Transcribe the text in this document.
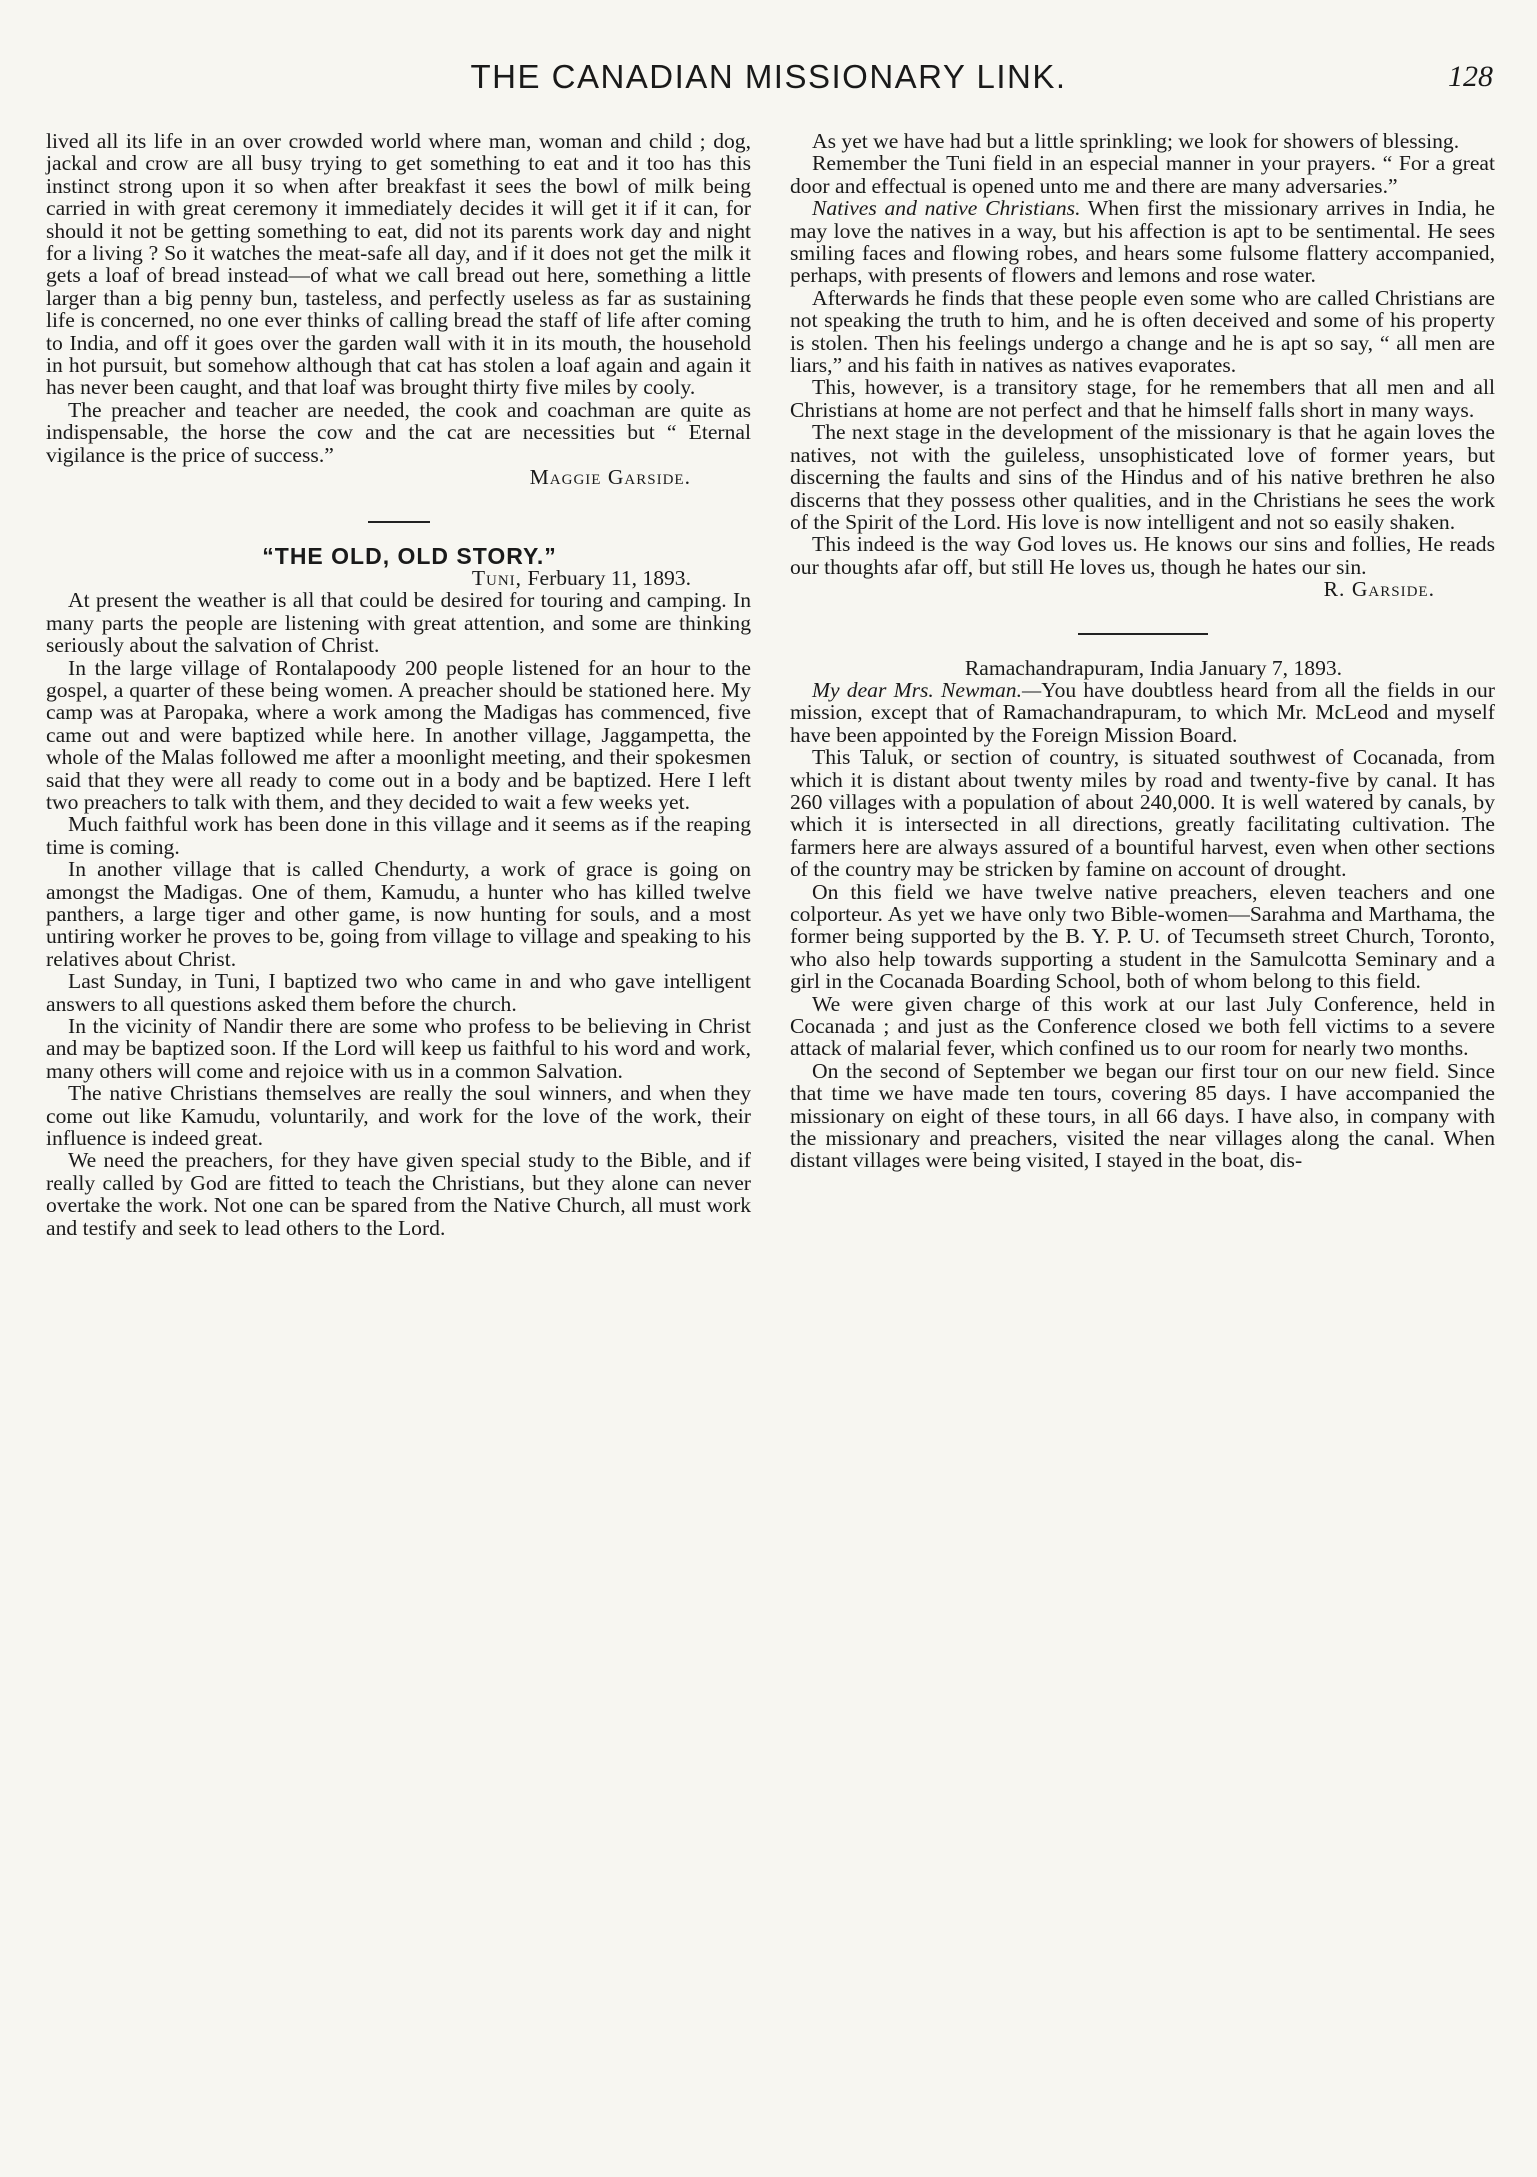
THE CANADIAN MISSIONARY LINK.	128

lived all its life in an over crowded world where man, woman and child ; dog, jackal and crow are all busy trying to get something to eat and it too has this instinct strong upon it so when after breakfast it sees the bowl of milk being carried in with great ceremony it immediately decides it will get it if it can, for should it not be getting something to eat, did not its parents work day and night for a living ? So it watches the meat-safe all day, and if it does not get the milk it gets a loaf of bread instead—of what we call bread out here, something a little larger than a big penny bun, tasteless, and perfectly useless as far as sustaining life is concerned, no one ever thinks of calling bread the staff of life after coming to India, and off it goes over the garden wall with it in its mouth, the household in hot pursuit, but somehow although that cat has stolen a loaf again and again it has never been caught, and that loaf was brought thirty five miles by cooly.

The preacher and teacher are needed, the cook and coachman are quite as indispensable, the horse the cow and the cat are necessities but “ Eternal vigilance is the price of success.”

Maggie Garside.

“THE OLD, OLD STORY.”

Tuni, Ferbuary 11, 1893.

At present the weather is all that could be desired for touring and camping. In many parts the people are listening with great attention, and some are thinking seriously about the salvation of Christ.

In the large village of Rontalapoody 200 people listened for an hour to the gospel, a quarter of these being women. A preacher should be stationed here. My camp was at Paropaka, where a work among the Madigas has commenced, five came out and were baptized while here. In another village, Jaggampetta, the whole of the Malas followed me after a moonlight meeting, and their spokesmen said that they were all ready to come out in a body and be baptized. Here I left two preachers to talk with them, and they decided to wait a few weeks yet.

Much faithful work has been done in this village and it seems as if the reaping time is coming.

In another village that is called Chendurty, a work of grace is going on amongst the Madigas. One of them, Kamudu, a hunter who has killed twelve panthers, a large tiger and other game, is now hunting for souls, and a most untiring worker he proves to be, going from village to village and speaking to his relatives about Christ.

Last Sunday, in Tuni, I baptized two who came in and who gave intelligent answers to all questions asked them before the church.

In the vicinity of Nandir there are some who profess to be believing in Christ and may be baptized soon. If the Lord will keep us faithful to his word and work, many others will come and rejoice with us in a common Salvation.

The native Christians themselves are really the soul winners, and when they come out like Kamudu, voluntarily, and work for the love of the work, their influence is indeed great.

We need the preachers, for they have given special study to the Bible, and if really called by God are fitted to teach the Christians, but they alone can never overtake the work. Not one can be spared from the Native Church, all must work and testify and seek to lead others to the Lord.

As yet we have had but a little sprinkling; we look for showers of blessing.

Remember the Tuni field in an especial manner in your prayers. “ For a great door and effectual is opened unto me and there are many adversaries.”

Natives and native Christians. When first the missionary arrives in India, he may love the natives in a way, but his affection is apt to be sentimental. He sees smiling faces and flowing robes, and hears some fulsome flattery accompanied, perhaps, with presents of flowers and lemons and rose water.

Afterwards he finds that these people even some who are called Christians are not speaking the truth to him, and he is often deceived and some of his property is stolen. Then his feelings undergo a change and he is apt so say, “ all men are liars,” and his faith in natives as natives evaporates.

This, however, is a transitory stage, for he remembers that all men and all Christians at home are not perfect and that he himself falls short in many ways.

The next stage in the development of the missionary is that he again loves the natives, not with the guileless, unsophisticated love of former years, but discerning the faults and sins of the Hindus and of his native brethren he also discerns that they possess other qualities, and in the Christians he sees the work of the Spirit of the Lord. His love is now intelligent and not so easily shaken.

This indeed is the way God loves us. He knows our sins and follies, He reads our thoughts afar off, but still He loves us, though he hates our sin.

R. Garside.

Ramachandrapuram, India January 7, 1893.

My dear Mrs. Newman.—You have doubtless heard from all the fields in our mission, except that of Ramachandrapuram, to which Mr. McLeod and myself have been appointed by the Foreign Mission Board.

This Taluk, or section of country, is situated southwest of Cocanada, from which it is distant about twenty miles by road and twenty-five by canal. It has 260 villages with a population of about 240,000. It is well watered by canals, by which it is intersected in all directions, greatly facilitating cultivation. The farmers here are always assured of a bountiful harvest, even when other sections of the country may be stricken by famine on account of drought.

On this field we have twelve native preachers, eleven teachers and one colporteur. As yet we have only two Bible-women—Sarahma and Marthama, the former being supported by the B. Y. P. U. of Tecumseth street Church, Toronto, who also help towards supporting a student in the Samulcotta Seminary and a girl in the Cocanada Boarding School, both of whom belong to this field.

We were given charge of this work at our last July Conference, held in Cocanada ; and just as the Conference closed we both fell victims to a severe attack of malarial fever, which confined us to our room for nearly two months.

On the second of September we began our first tour on our new field. Since that time we have made ten tours, covering 85 days. I have accompanied the missionary on eight of these tours, in all 66 days. I have also, in company with the missionary and preachers, visited the near villages along the canal. When distant villages were being visited, I stayed in the boat, dis-
